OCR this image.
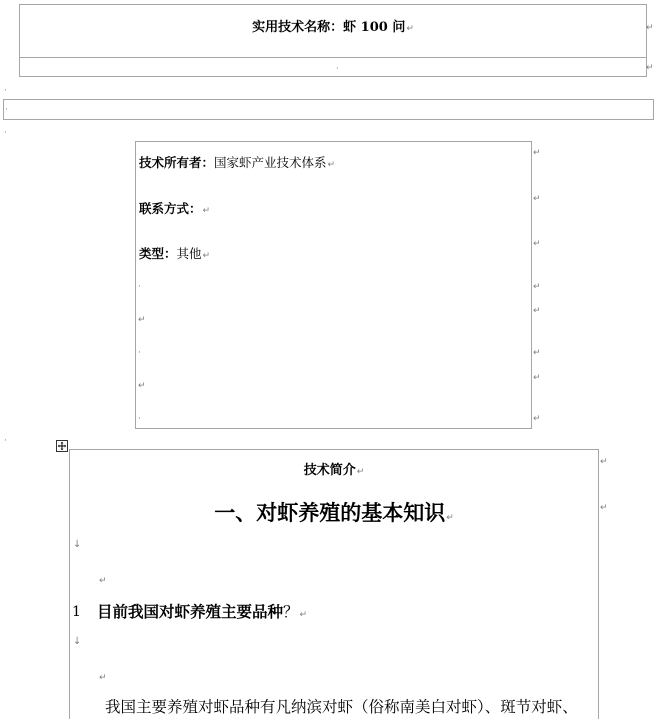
实用技术名称：虾 100 问↵
·
↵
↵
·
·
·
技术所有者：国家虾产业技术体系↵
联系方式：↵
类型：其他↵
·
↵
·
↵
·
↵
↵
↵
↵
↵
↵
↵
↵
·
技术简介↵
一、对虾养殖的基本知识↵
↓
↵
1 目前我国对虾养殖主要品种？↵
↓
↵
我国主要养殖对虾品种有凡纳滨对虾（俗称南美白对虾）、斑节对虾、
↵
↵
